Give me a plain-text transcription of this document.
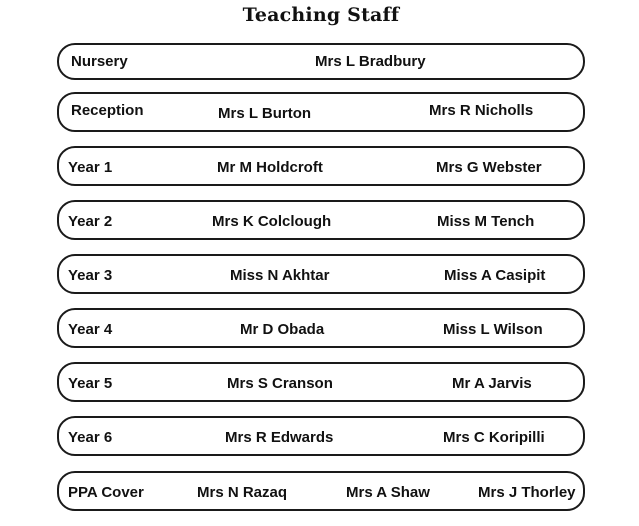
Teaching Staff
Nursery	Mrs L Bradbury
Reception	Mrs L Burton	Mrs R Nicholls
Year 1	Mr M Holdcroft	Mrs G Webster
Year 2	Mrs K Colclough	Miss M Tench
Year 3	Miss N Akhtar	Miss A Casipit
Year 4	Mr D Obada	Miss L Wilson
Year 5	Mrs S Cranson	Mr A Jarvis
Year 6	Mrs R Edwards	Mrs C Koripilli
PPA Cover	Mrs N Razaq	Mrs A Shaw	Mrs J Thorley
